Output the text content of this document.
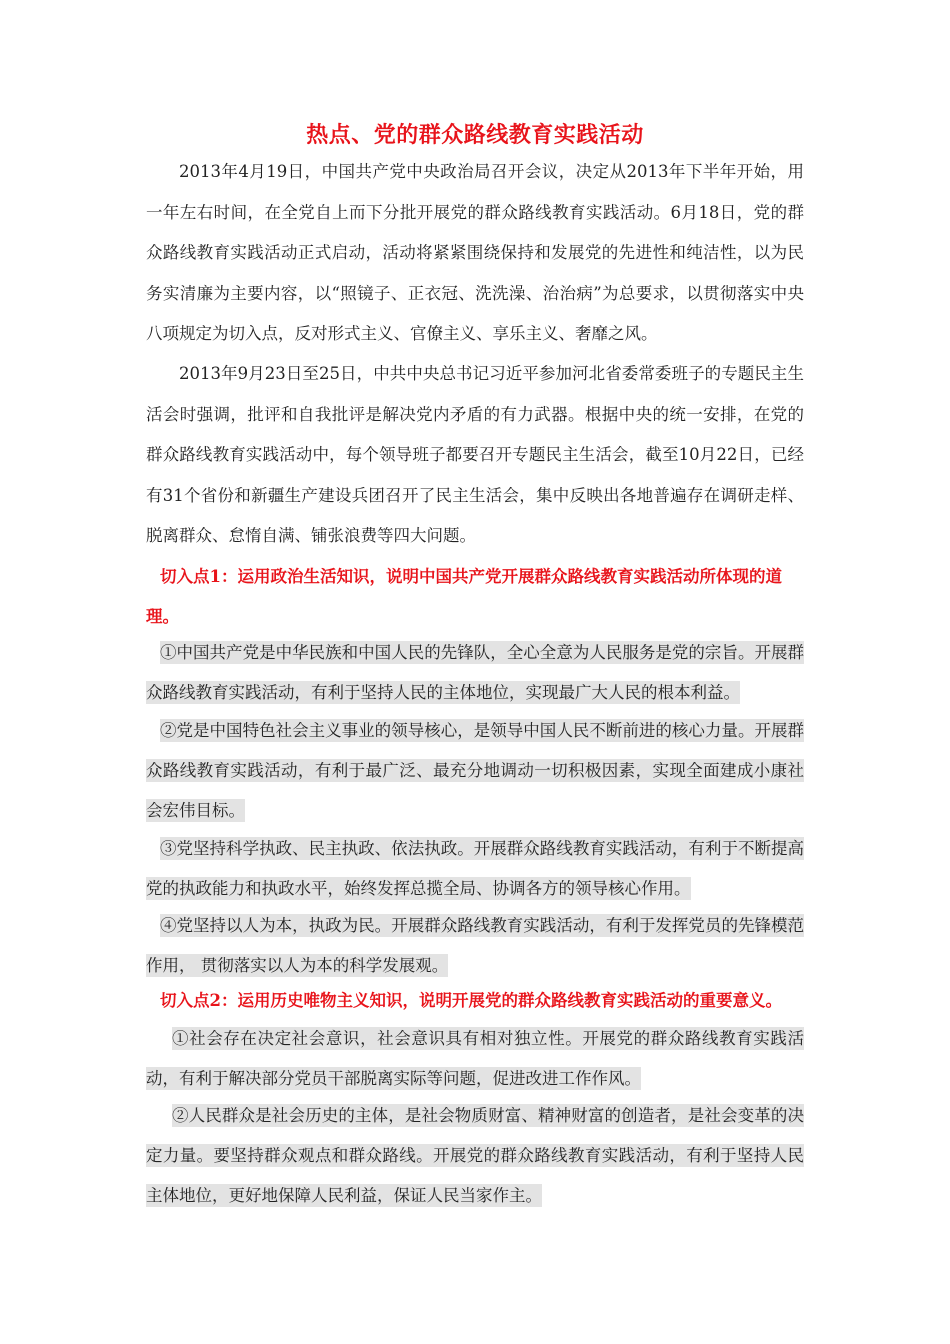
热点、党的群众路线教育实践活动

2013年4月19日，中国共产党中央政治局召开会议，决定从2013年下半年开始，用一年左右时间，在全党自上而下分批开展党的群众路线教育实践活动。6月18日，党的群众路线教育实践活动正式启动，活动将紧紧围绕保持和发展党的先进性和纯洁性，以为民务实清廉为主要内容，以“照镜子、正衣冠、洗洗澡、治治病”为总要求，以贯彻落实中央八项规定为切入点，反对形式主义、官僚主义、享乐主义、奢靡之风。

2013年9月23日至25日，中共中央总书记习近平参加河北省委常委班子的专题民主生活会时强调，批评和自我批评是解决党内矛盾的有力武器。根据中央的统一安排，在党的群众路线教育实践活动中，每个领导班子都要召开专题民主生活会，截至10月22日，已经有31个省份和新疆生产建设兵团召开了民主生活会，集中反映出各地普遍存在调研走样、脱离群众、怠惰自满、铺张浪费等四大问题。

切入点1：运用政治生活知识，说明中国共产党开展群众路线教育实践活动所体现的道理。

①中国共产党是中华民族和中国人民的先锋队，全心全意为人民服务是党的宗旨。开展群众路线教育实践活动，有利于坚持人民的主体地位，实现最广大人民的根本利益。

②党是中国特色社会主义事业的领导核心，是领导中国人民不断前进的核心力量。开展群众路线教育实践活动，有利于最广泛、最充分地调动一切积极因素，实现全面建成小康社会宏伟目标。

③党坚持科学执政、民主执政、依法执政。开展群众路线教育实践活动，有利于不断提高党的执政能力和执政水平，始终发挥总揽全局、协调各方的领导核心作用。

④党坚持以人为本，执政为民。开展群众路线教育实践活动，有利于发挥党员的先锋模范作用， 贯彻落实以人为本的科学发展观。

切入点2：运用历史唯物主义知识，说明开展党的群众路线教育实践活动的重要意义。

①社会存在决定社会意识，社会意识具有相对独立性。开展党的群众路线教育实践活动，有利于解决部分党员干部脱离实际等问题，促进改进工作作风。

②人民群众是社会历史的主体，是社会物质财富、精神财富的创造者，是社会变革的决定力量。要坚持群众观点和群众路线。开展党的群众路线教育实践活动，有利于坚持人民主体地位，更好地保障人民利益，保证人民当家作主。
